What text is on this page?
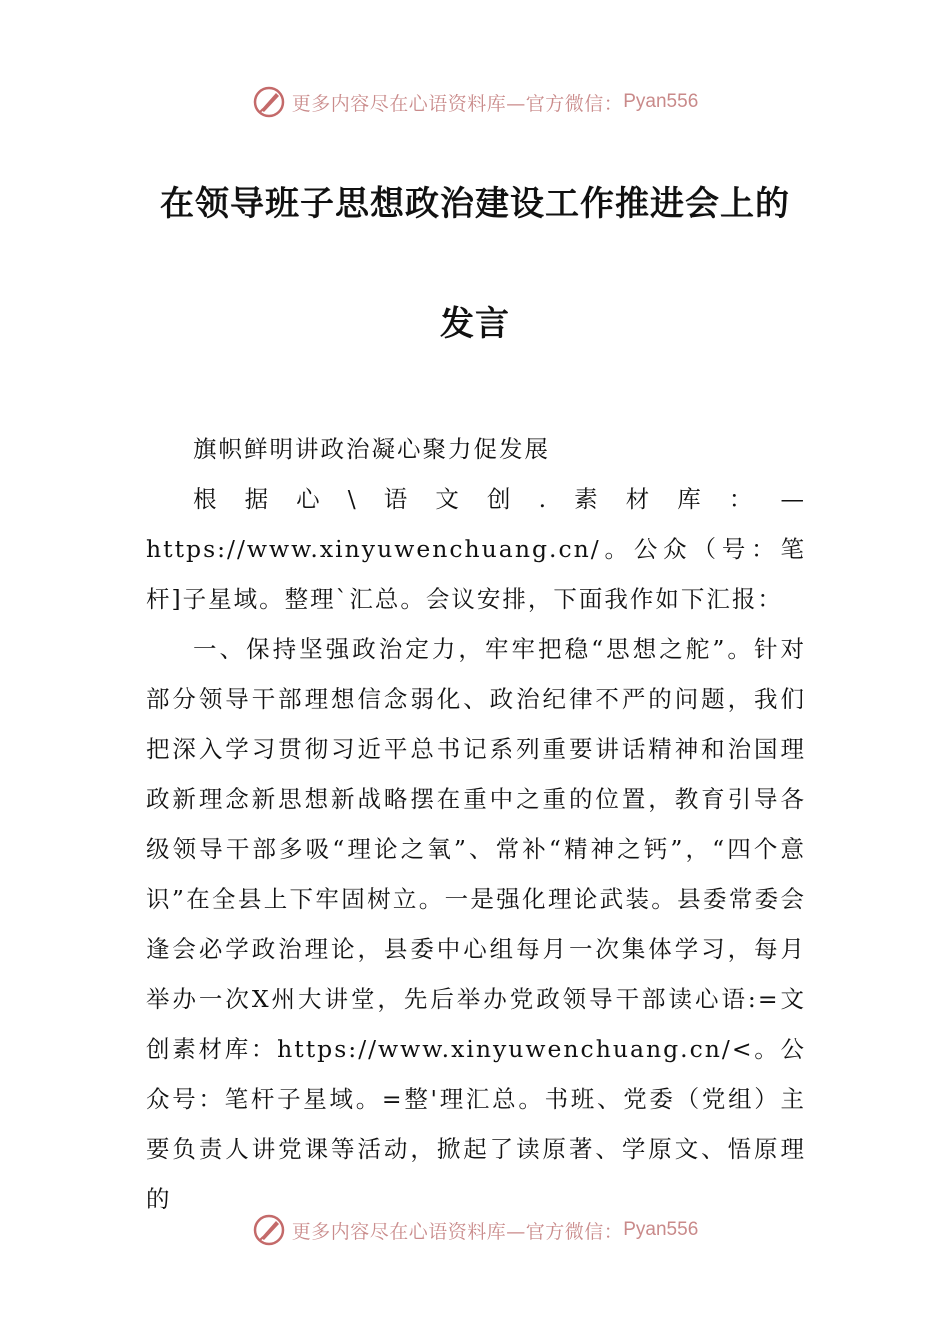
更多内容尽在心语资料库—官方微信： Pyan556
在领导班子思想政治建设工作推进会上的
发言

旗帜鲜明讲政治凝心聚力促发展

根据心\语文创.素材库：—https://www.xinyuwenchuang.cn/。公众（号：笔杆]子星域。整理`汇总。会议安排，下面我作如下汇报：

一、保持坚强政治定力，牢牢把稳“思想之舵”。针对部分领导干部理想信念弱化、政治纪律不严的问题，我们把深入学习贯彻习近平总书记系列重要讲话精神和治国理政新理念新思想新战略摆在重中之重的位置，教育引导各级领导干部多吸“理论之氧”、常补“精神之钙”，“四个意识”在全县上下牢固树立。一是强化理论武装。县委常委会逢会必学政治理论，县委中心组每月一次集体学习，每月举办一次X州大讲堂，先后举办党政领导干部读心语:=文创素材库：https://www.xinyuwenchuang.cn/<。公众号：笔杆子星域。=整'理汇总。书班、党委（党组）主要负责人讲党课等活动，掀起了读原著、学原文、悟原理的

更多内容尽在心语资料库—官方微信： Pyan556
